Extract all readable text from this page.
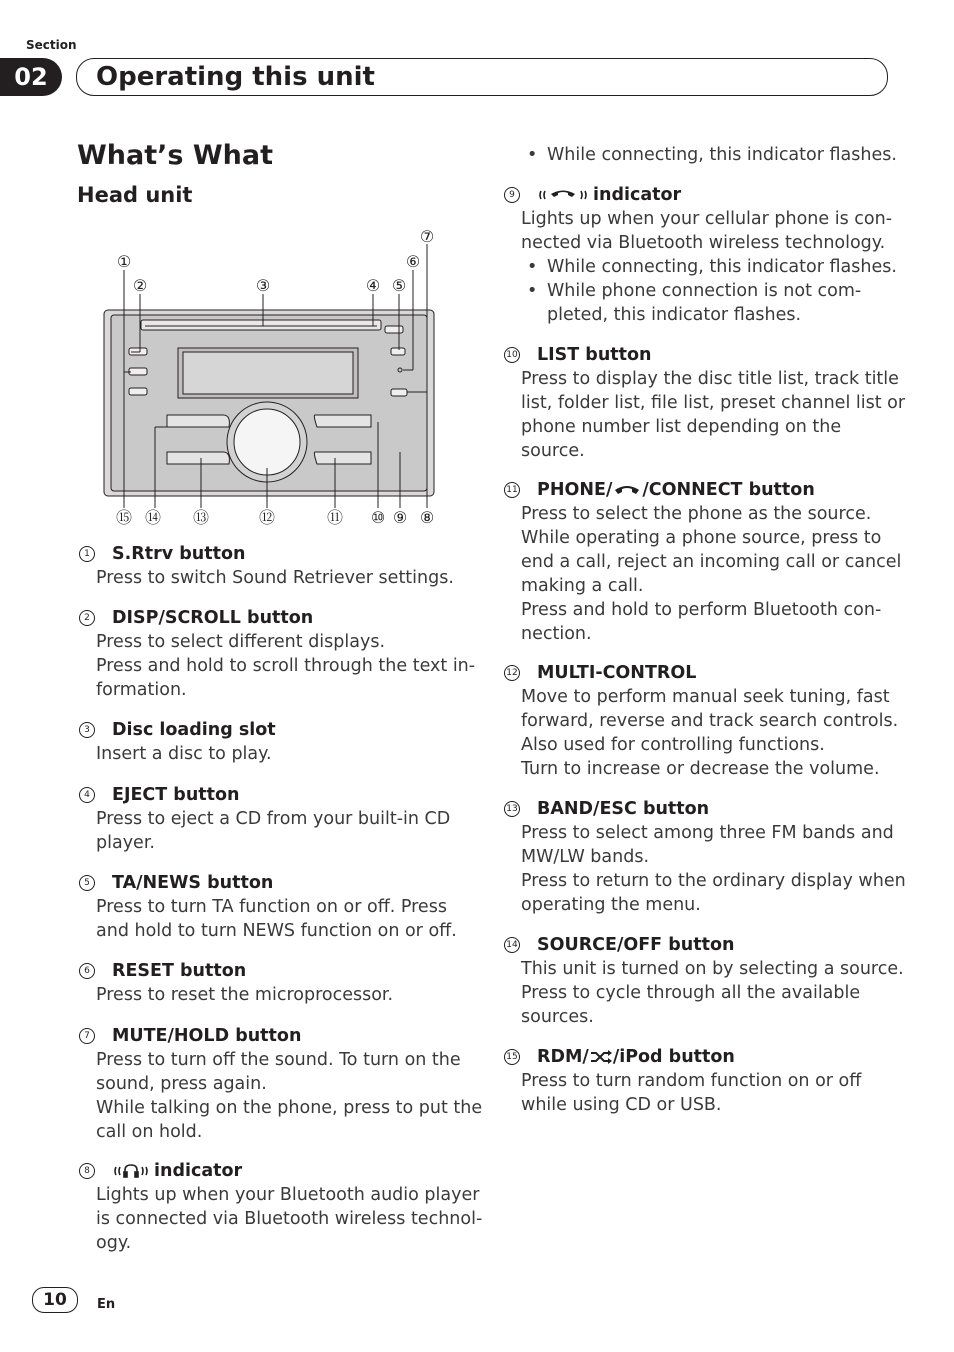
Section
02	Operating this unit
What’s What
Head unit
①
②	③	④ ⑤
⑥
⑦
⑧
⑨
⑩
⑪
⑫
⑬
⑭
⑮
1 S.Rtrv button
Press to switch Sound Retriever settings.
2 DISP/SCROLL button
Press to select different displays.
Press and hold to scroll through the text in-
formation.
3 Disc loading slot
Insert a disc to play.
4 EJECT button
Press to eject a CD from your built-in CD
player.
5 TA/NEWS button
Press to turn TA function on or off. Press
and hold to turn NEWS function on or off.
6 RESET button
Press to reset the microprocessor.
7 MUTE/HOLD button
Press to turn off the sound. To turn on the
sound, press again.
While talking on the phone, press to put the
call on hold.
8	indicator
Lights up when your Bluetooth audio player
is connected via Bluetooth wireless technol-
ogy.
• While connecting, this indicator flashes.
9	indicator
Lights up when your cellular phone is con-
nected via Bluetooth wireless technology.
• While connecting, this indicator flashes.
• While phone connection is not com-
pleted, this indicator flashes.
10 LIST button
Press to display the disc title list, track title
list, folder list, file list, preset channel list or
phone number list depending on the
source.
11 PHONE/ /CONNECT button
Press to select the phone as the source.
While operating a phone source, press to
end a call, reject an incoming call or cancel
making a call.
Press and hold to perform Bluetooth con-
nection.
12 MULTI-CONTROL
Move to perform manual seek tuning, fast
forward, reverse and track search controls.
Also used for controlling functions.
Turn to increase or decrease the volume.
13 BAND/ESC button
Press to select among three FM bands and
MW/LW bands.
Press to return to the ordinary display when
operating the menu.
14 SOURCE/OFF button
This unit is turned on by selecting a source.
Press to cycle through all the available
sources.
15 RDM/ /iPod button
Press to turn random function on or off
while using CD or USB.
10	En
